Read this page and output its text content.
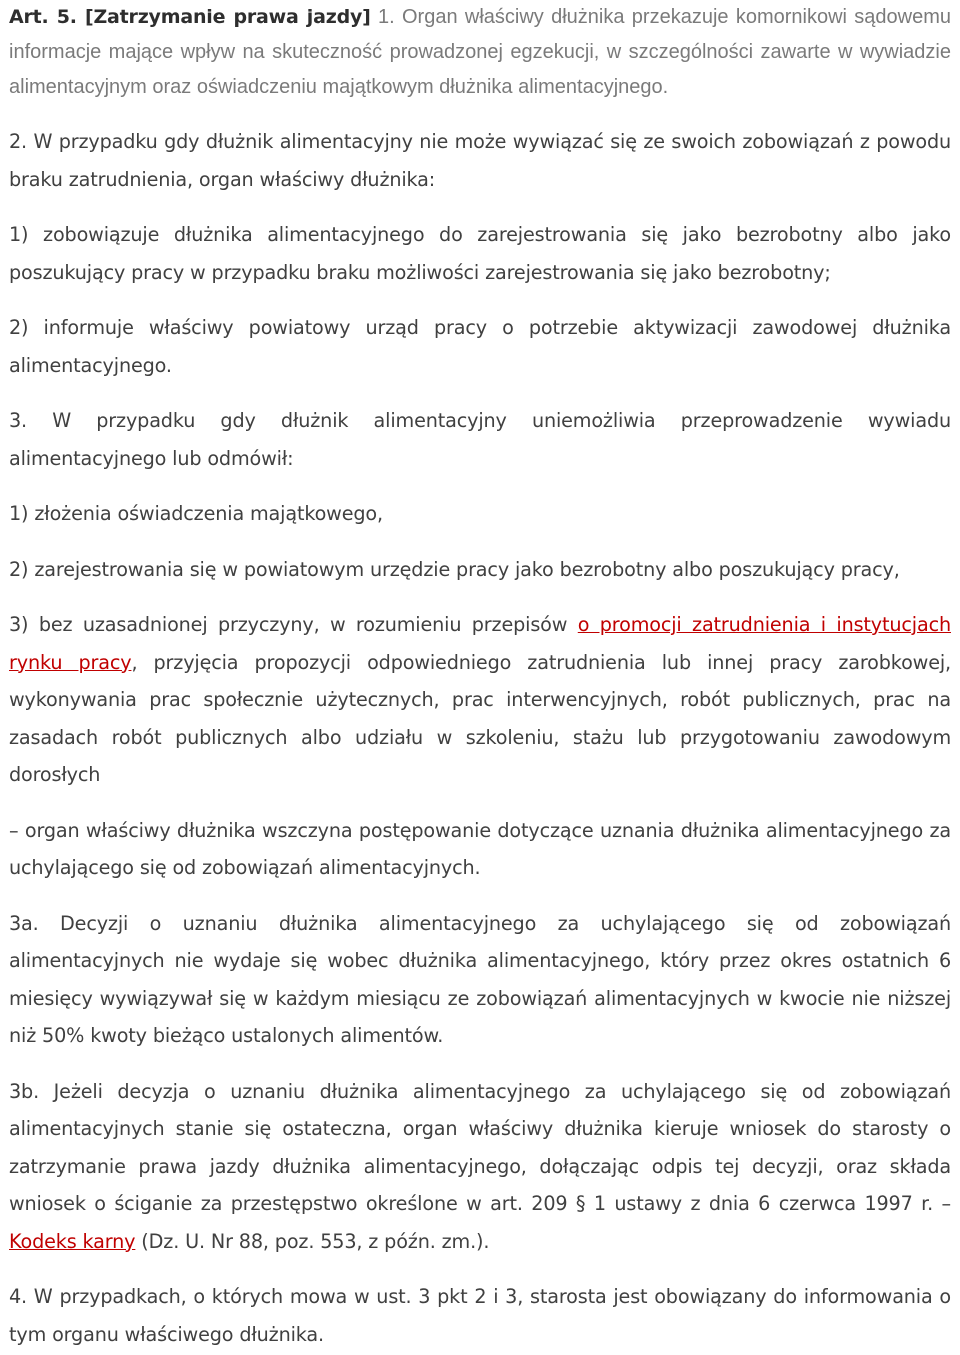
Art. 5. [Zatrzymanie prawa jazdy] 1. Organ właściwy dłużnika przekazuje komornikowi sądowemu informacje mające wpływ na skuteczność prowadzonej egzekucji, w szczególności zawarte w wywiadzie alimentacyjnym oraz oświadczeniu majątkowym dłużnika alimentacyjnego.

2. W przypadku gdy dłużnik alimentacyjny nie może wywiązać się ze swoich zobowiązań z powodu braku zatrudnienia, organ właściwy dłużnika:

1) zobowiązuje dłużnika alimentacyjnego do zarejestrowania się jako bezrobotny albo jako poszukujący pracy w przypadku braku możliwości zarejestrowania się jako bezrobotny;

2) informuje właściwy powiatowy urząd pracy o potrzebie aktywizacji zawodowej dłużnika alimentacyjnego.

3. W przypadku gdy dłużnik alimentacyjny uniemożliwia przeprowadzenie wywiadu alimentacyjnego lub odmówił:

1) złożenia oświadczenia majątkowego,

2) zarejestrowania się w powiatowym urzędzie pracy jako bezrobotny albo poszukujący pracy,

3) bez uzasadnionej przyczyny, w rozumieniu przepisów o promocji zatrudnienia i instytucjach rynku pracy, przyjęcia propozycji odpowiedniego zatrudnienia lub innej pracy zarobkowej, wykonywania prac społecznie użytecznych, prac interwencyjnych, robót publicznych, prac na zasadach robót publicznych albo udziału w szkoleniu, stażu lub przygotowaniu zawodowym dorosłych

– organ właściwy dłużnika wszczyna postępowanie dotyczące uznania dłużnika alimentacyjnego za uchylającego się od zobowiązań alimentacyjnych.

3a. Decyzji o uznaniu dłużnika alimentacyjnego za uchylającego się od zobowiązań alimentacyjnych nie wydaje się wobec dłużnika alimentacyjnego, który przez okres ostatnich 6 miesięcy wywiązywał się w każdym miesiącu ze zobowiązań alimentacyjnych w kwocie nie niższej niż 50% kwoty bieżąco ustalonych alimentów.

3b. Jeżeli decyzja o uznaniu dłużnika alimentacyjnego za uchylającego się od zobowiązań alimentacyjnych stanie się ostateczna, organ właściwy dłużnika kieruje wniosek do starosty o zatrzymanie prawa jazdy dłużnika alimentacyjnego, dołączając odpis tej decyzji, oraz składa wniosek o ściganie za przestępstwo określone w art. 209 § 1 ustawy z dnia 6 czerwca 1997 r. – Kodeks karny (Dz. U. Nr 88, poz. 553, z późn. zm.).

4. W przypadkach, o których mowa w ust. 3 pkt 2 i 3, starosta jest obowiązany do informowania o tym organu właściwego dłużnika.
